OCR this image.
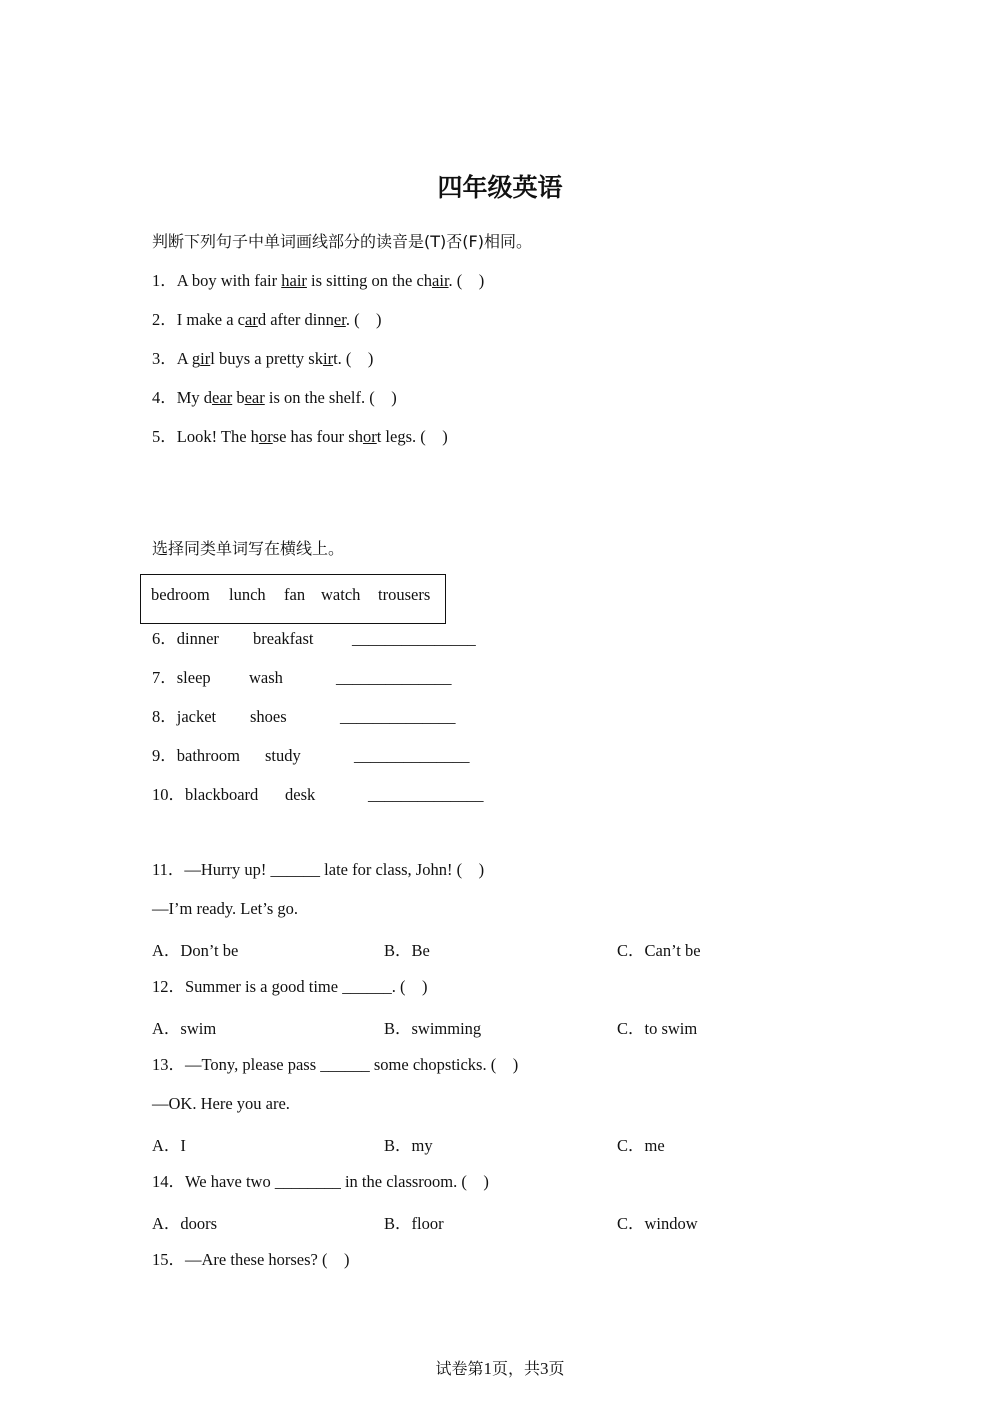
四年级英语
判断下列句子中单词画线部分的读音是(T)否(F)相同。
1．A boy with fair hair is sitting on the chair. (　)
2．I make a card after dinner. (　)
3．A girl buys a pretty skirt. (　)
4．My dear bear is on the shelf. (　)
5．Look! The horse has four short legs. (　)
选择同类单词写在横线上。
bedroom lunch fan watch trousers
6．dinner breakfast _______________
7．sleep wash	______________
8．jacket shoes	______________
9．bathroom study	______________
10．blackboard desk	______________
11．—Hurry up! ______ late for class, John! (　)
—I’m ready. Let’s go.
A．Don’t be	B．Be	C．Can’t be
12．Summer is a good time ______. (　)
A．swim	B．swimming	C．to swim
13．—Tony, please pass ______ some chopsticks. (　)
—OK. Here you are.
A．I	B．my	C．me
14．We have two ________ in the classroom. (　)
A．doors	B．floor	C．window
15．—Are these horses? (　)
试卷第1页，共3页
